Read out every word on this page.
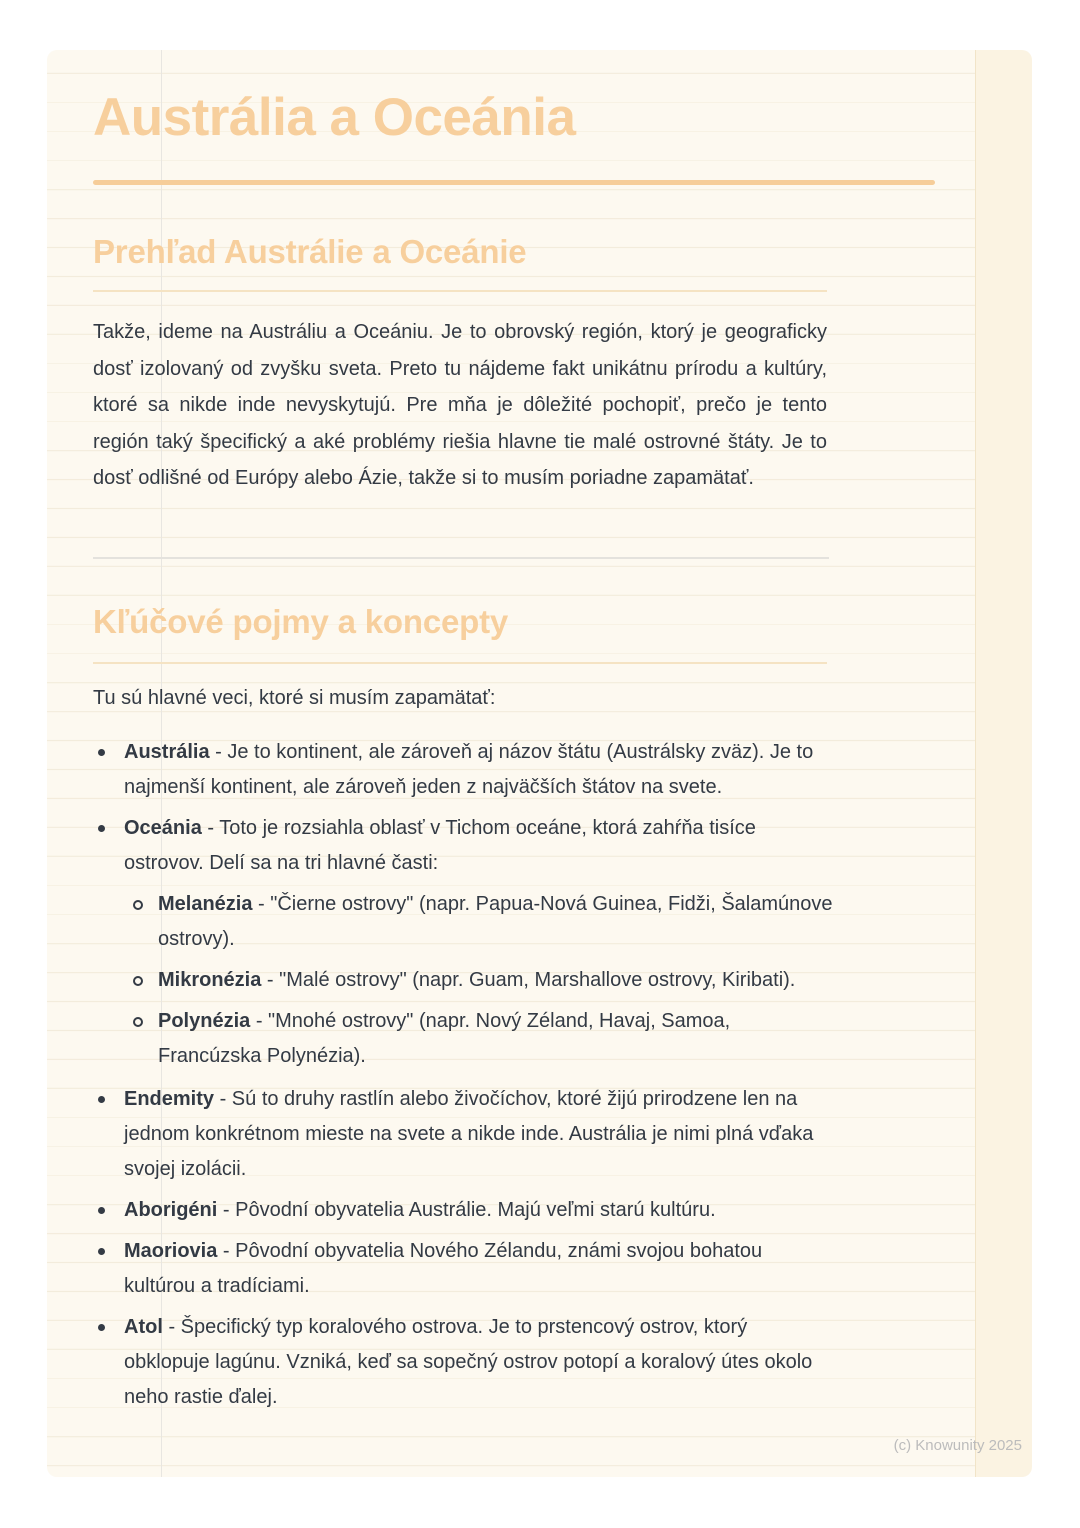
Austrália a Oceánia
Prehľad Austrálie a Oceánie

Takže, ideme na Austráliu a Oceániu. Je to obrovský región, ktorý je geograficky dosť izolovaný od zvyšku sveta. Preto tu nájdeme fakt unikátnu prírodu a kultúry, ktoré sa nikde inde nevyskytujú. Pre mňa je dôležité pochopiť, prečo je tento región taký špecifický a aké problémy riešia hlavne tie malé ostrovné štáty. Je to dosť odlišné od Európy alebo Ázie, takže si to musím poriadne zapamätať.

Kľúčové pojmy a koncepty

Tu sú hlavné veci, ktoré si musím zapamätať:

Austrália - Je to kontinent, ale zároveň aj názov štátu (Austrálsky zväz). Je to najmenší kontinent, ale zároveň jeden z najväčších štátov na svete.
Oceánia - Toto je rozsiahla oblasť v Tichom oceáne, ktorá zahŕňa tisíce ostrovov. Delí sa na tri hlavné časti:
Melanézia - "Čierne ostrovy" (napr. Papua-Nová Guinea, Fidži, Šalamúnove ostrovy).
Mikronézia - "Malé ostrovy" (napr. Guam, Marshallove ostrovy, Kiribati).
Polynézia - "Mnohé ostrovy" (napr. Nový Zéland, Havaj, Samoa, Francúzska Polynézia).
Endemity - Sú to druhy rastlín alebo živočíchov, ktoré žijú prirodzene len na jednom konkrétnom mieste na svete a nikde inde. Austrália je nimi plná vďaka svojej izolácii.
Aborigéni - Pôvodní obyvatelia Austrálie. Majú veľmi starú kultúru.
Maoriovia - Pôvodní obyvatelia Nového Zélandu, známi svojou bohatou kultúrou a tradíciami.
Atol - Špecifický typ koralového ostrova. Je to prstencový ostrov, ktorý obklopuje lagúnu. Vzniká, keď sa sopečný ostrov potopí a koralový útes okolo neho rastie ďalej.
(c) Knowunity 2025
